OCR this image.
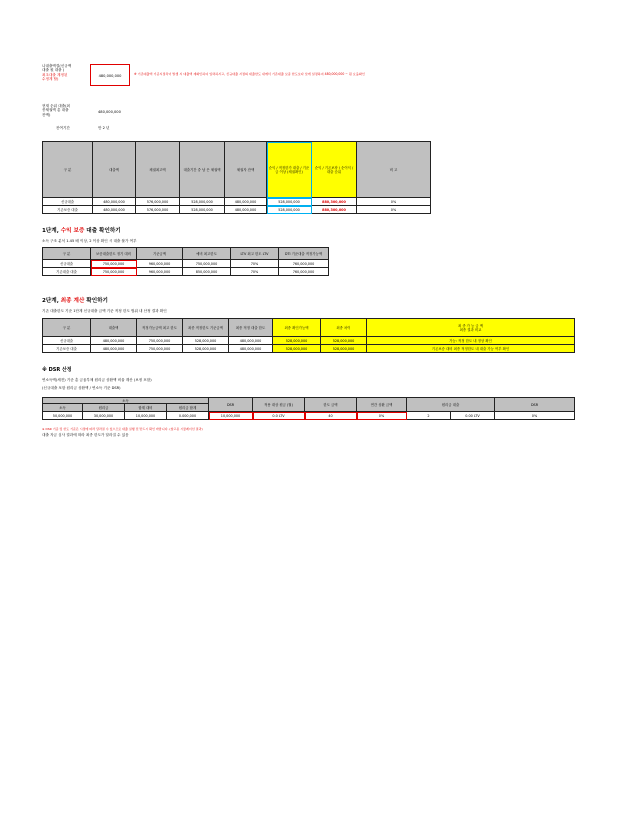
나대출액결(신규액
대출 원 대출 )
최초대출 계정된
수정계 할)
480,000,000	※ 기존대출액 기준시점차이 발생 시 대출액 재확인하여 입력하시고, 신규대출 시점의 대출한도 내에서 기존대출 보증 한도보다 낮게 설정하여 480,000,000 ~ 원 요율확인
현재 순위 대출(최
종채권액 총 대출
잔액)
480,000,000
잔여기간	만 2 년
구 분	대출액	채권최고액	대출기간 중 남 은 채권액	채권자 잔액	순익 / 적정한가 대출 / 기준금 이상 (채권확인)	순익 / 기존보장 / 순이익 / 대출 순위	비 고
신규대출	480,000,000	576,000,000	528,000,000	480,000,000	528,000,000	880,300,000	0%
기존보증 대출	480,000,000	576,000,000	528,000,000	480,000,000	528,000,000	880,300,000	0%
1단계, 수익 보증 대출 확인하기
소득 구조 분석 1.45 배 이상, 2 이상 확인 시 대출 불가 여부
구 분	보증대출한도 정기 대비	기준금액	예비 최고한도	LTV 최고 한도 LTV	DTI 기준대출 적정가능액
신규대출	750,000,000	960,000,000	750,000,000	70%	760,000,000
기존대출 대출	750,000,000	960,000,000	850,000,000	70%	760,000,000
2단계, 최종 계산 확인하기
기존 대출한도 기준 1단계 신규대출 금액 기준 적정 한도 범위 내 산정 결과 확인
구 분	대출액	적정가능금액 최고 한도	최종 적정한도 기준금액	최종 적정 대출 한도	최종 확인가능액	최종 차이	최 종 가 능 금 액
최종 결과 비교

신규대출	480,000,000	750,000,000	528,000,000	480,000,000	528,000,000	528,000,000	가능: 적정 한도 내 정상 확인
기존보증 대출	480,000,000	750,000,000	528,000,000	480,000,000	528,000,000	528,000,000	기존보증 대비 최종 적정한도 내 대출 가능 여부 확인
※ DSR 산정
연소득액(세전) 기준 총 금융부채 원리금 상환액 비율 계산 (보정 포함)
(신규대출 포함 원리금 상환액 / 연소득 기준 DSR)
소득				DSR	적용 대상 원금 (월)	한도 금액	연간 상환 금액	원리금 대출		DSR
소득	원리금	합계 대비	원리금 합계							
50,000,000	30,000,000	10,000,000	0.000,000	10,000,000	0.0 LTV	40	0%	2	0.00 LTV	0%
※ DSR 기준 및 한도 기준은 시점에 따라 달라질 수 있으므로 대출 실행 전 반드시 확인 바랍니다. (참고용 시뮬레이션 결과)
대출 자금 심사 결과에 따라 최종 한도가 달라질 수 있음
